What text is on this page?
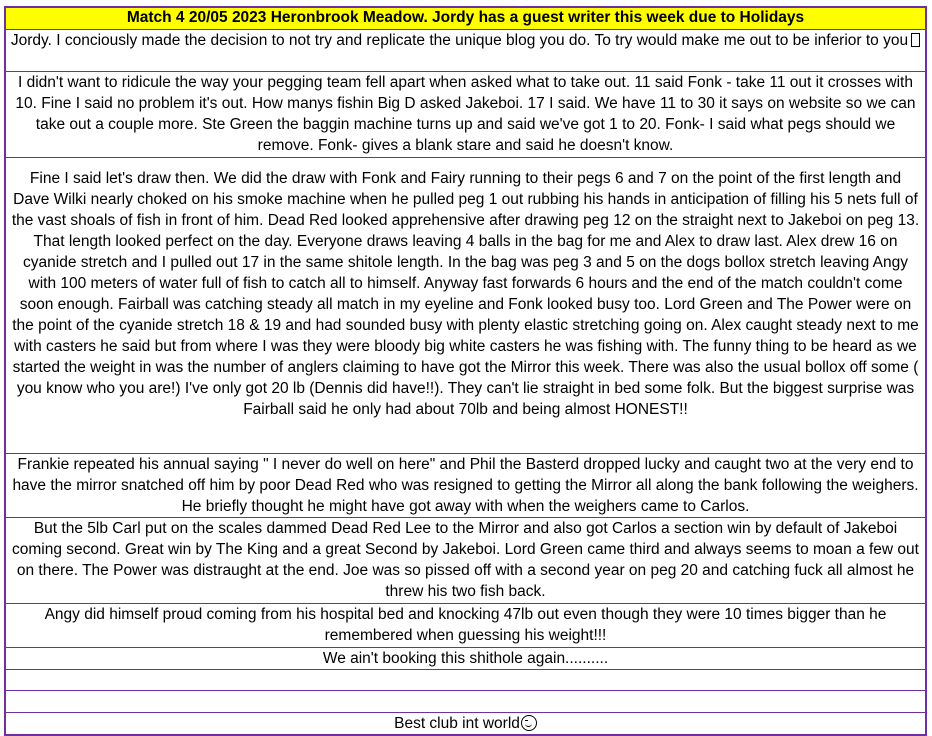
Match 4 20/05 2023 Heronbrook Meadow. Jordy has a guest writer this week due to Holidays
Jordy. I conciously made the decision to not try and replicate the unique blog you do. To try would make me out to be inferior to you
I didn't want to ridicule the way your pegging team fell apart when asked what to take out. 11 said Fonk - take 11 out it crosses with 10. Fine I said no problem it's out. How manys fishin Big D asked Jakeboi. 17 I said. We have 11 to 30 it says on website so we can take out a couple more. Ste Green the baggin machine turns up and said we've got 1 to 20. Fonk- I said what pegs should we remove. Fonk- gives a blank stare and said he doesn't know.
Fine I said let's draw then. We did the draw with Fonk and Fairy running to their pegs 6 and 7 on the point of the first length and Dave Wilki nearly choked on his smoke machine when he pulled peg 1 out rubbing his hands in anticipation of filling his 5 nets full of the vast shoals of fish in front of him. Dead Red looked apprehensive after drawing peg 12 on the straight next to Jakeboi on peg 13. That length looked perfect on the day. Everyone draws leaving 4 balls in the bag for me and Alex to draw last. Alex drew 16 on cyanide stretch and I pulled out 17 in the same shitole length. In the bag was peg 3 and 5 on the dogs bollox stretch leaving Angy with 100 meters of water full of fish to catch all to himself. Anyway fast forwards 6 hours and the end of the match couldn't come soon enough. Fairball was catching steady all match in my eyeline and Fonk looked busy too. Lord Green and The Power were on the point of the cyanide stretch 18 & 19 and had sounded busy with plenty elastic stretching going on. Alex caught steady next to me with casters he said but from where I was they were bloody big white casters he was fishing with. The funny thing to be heard as we started the weight in was the number of anglers claiming to have got the Mirror this week. There was also the usual bollox off some ( you know who you are!) I've only got 20 lb (Dennis did have!!). They can't lie straight in bed some folk. But the biggest surprise was Fairball said he only had about 70lb and being almost HONEST!!
Frankie repeated his annual saying " I never do well on here" and Phil the Basterd dropped lucky and caught two at the very end to have the mirror snatched off him by poor Dead Red who was resigned to getting the Mirror all along the bank following the weighers. He briefly thought he might have got away with when the weighers came to Carlos.
But the 5lb Carl put on the scales dammed Dead Red Lee to the Mirror and also got Carlos a section win by default of Jakeboi coming second. Great win by The King and a great Second by Jakeboi. Lord Green came third and always seems to moan a few out on there. The Power was distraught at the end. Joe was so pissed off with a second year on peg 20 and catching fuck all almost he threw his two fish back.
Angy did himself proud coming from his hospital bed and knocking 47lb out even though they were 10 times bigger than he remembered when guessing his weight!!!
We ain't booking this shithole again..........
Best club int world
